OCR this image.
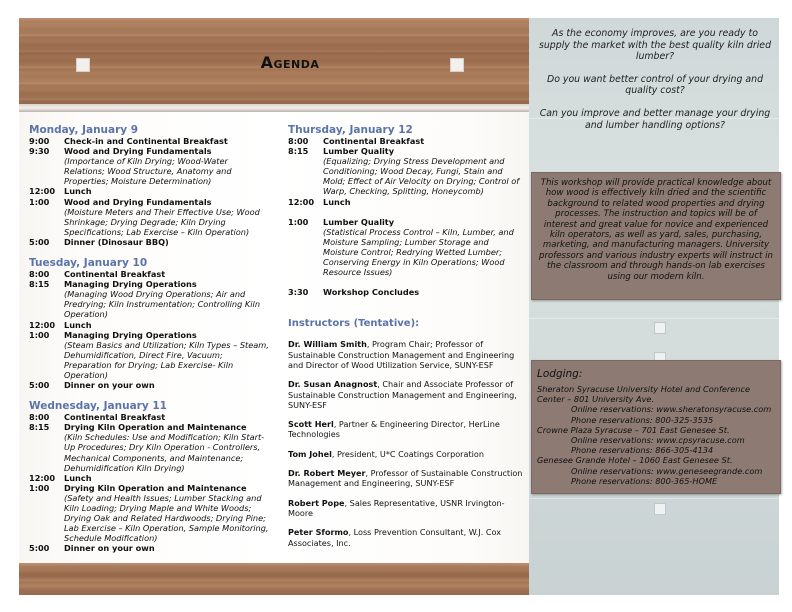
Agenda

As the economy improves, are you ready to supply the market with the best quality kiln dried lumber?

Do you want better control of your drying and quality cost?

Can you improve and better manage your drying and lumber handling options?

This workshop will provide practical knowledge about how wood is effectively kiln dried and the scientific background to related wood properties and drying processes. The instruction and topics will be of interest and great value for novice and experienced kiln operators, as well as yard, sales, purchasing, marketing, and manufacturing managers. University professors and various industry experts will instruct in the classroom and through hands-on lab exercises using our modern kiln.
Lodging:
Sheraton Syracuse University Hotel and Conference Center – 801 University Ave.
Online reservations: www.sheratonsyracuse.com
Phone reservations: 800-325-3535
Crowne Plaza Syracuse – 701 East Genesee St.
Online reservations: www.cpsyracuse.com
Phone reservations: 866-305-4134
Genesee Grande Hotel – 1060 East Genesee St.
Online reservations: www.geneseegrande.com
Phone reservations: 800-365-HOME
Monday, January 9
9:00	Check-in and Continental Breakfast
9:30	Wood and Drying Fundamentals
(Importance of Kiln Drying; Wood-Water Relations; Wood Structure, Anatomy and Properties; Moisture Determination)
12:00	Lunch
1:00	Wood and Drying Fundamentals
(Moisture Meters and Their Effective Use; Wood Shrinkage; Drying Degrade; Kiln Drying Specifications; Lab Exercise – Kiln Operation)
5:00	Dinner (Dinosaur BBQ)
Tuesday, January 10
8:00	Continental Breakfast
8:15	Managing Drying Operations
(Managing Wood Drying Operations; Air and Predrying; Kiln Instrumentation; Controlling Kiln Operation)
12:00	Lunch
1:00	Managing Drying Operations
(Steam Basics and Utilization; Kiln Types – Steam, Dehumidification, Direct Fire, Vacuum; Preparation for Drying; Lab Exercise- Kiln Operation)
5:00	Dinner on your own
Wednesday, January 11
8:00	Continental Breakfast
8:15	Drying Kiln Operation and Maintenance
(Kiln Schedules: Use and Modification; Kiln Start-Up Procedures; Dry Kiln Operation - Controllers, Mechanical Components, and Maintenance; Dehumidification Kiln Drying)
12:00	Lunch
1:00	Drying Kiln Operation and Maintenance
(Safety and Health Issues; Lumber Stacking and Kiln Loading; Drying Maple and White Woods; Drying Oak and Related Hardwoods; Drying Pine; Lab Exercise – Kiln Operation, Sample Monitoring, Schedule Modification)
5:00	Dinner on your own
Thursday, January 12
8:00	Continental Breakfast
8:15	Lumber Quality
(Equalizing; Drying Stress Development and Conditioning; Wood Decay, Fungi, Stain and Mold; Effect of Air Velocity on Drying; Control of Warp, Checking, Splitting, Honeycomb)
12:00	Lunch
1:00	Lumber Quality
(Statistical Process Control – Kiln, Lumber, and Moisture Sampling; Lumber Storage and Moisture Control; Redrying Wetted Lumber; Conserving Energy in Kiln Operations; Wood Resource Issues)
3:30	Workshop Concludes
Instructors (Tentative):
Dr. William Smith, Program Chair; Professor of Sustainable Construction Management and Engineering and Director of Wood Utilization Service, SUNY-ESF
Dr. Susan Anagnost, Chair and Associate Professor of Sustainable Construction Management and Engineering, SUNY-ESF
Scott Herl, Partner & Engineering Director, HerLine Technologies
Tom Johel, President, U*C Coatings Corporation
Dr. Robert Meyer, Professor of Sustainable Construction Management and Engineering, SUNY-ESF
Robert Pope, Sales Representative, USNR Irvington-Moore
Peter Sformo, Loss Prevention Consultant, W.J. Cox Associates, Inc.
